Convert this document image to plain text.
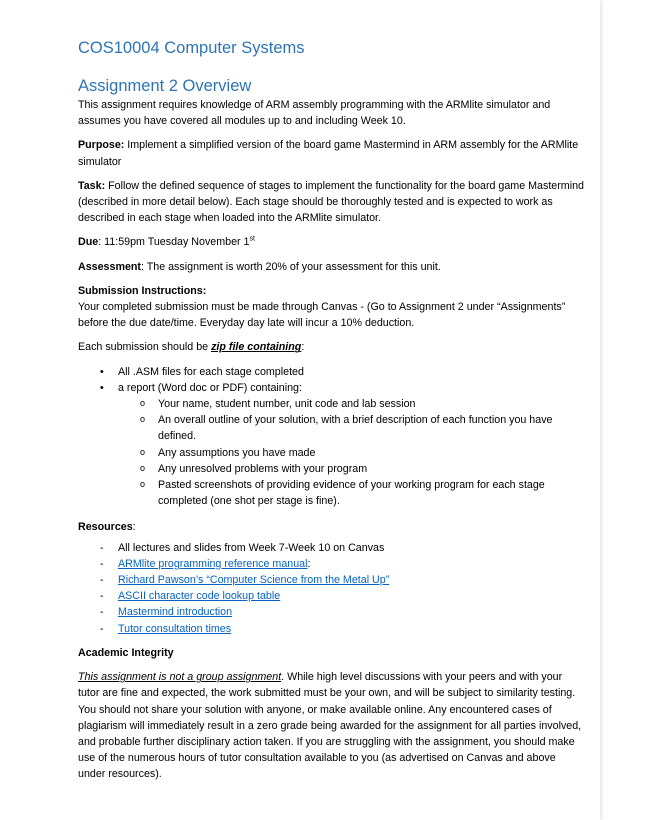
COS10004 Computer Systems
Assignment 2 Overview

This assignment requires knowledge of ARM assembly programming with the ARMlite simulator and assumes you have covered all modules up to and including Week 10.

Purpose: Implement a simplified version of the board game Mastermind in ARM assembly for the ARMlite simulator

Task: Follow the defined sequence of stages to implement the functionality for the board game Mastermind (described in more detail below). Each stage should be thoroughly tested and is expected to work as described in each stage when loaded into the ARMlite simulator.

Due: 11:59pm Tuesday November 1st

Assessment: The assignment is worth 20% of your assessment for this unit.

Submission Instructions:

Your completed submission must be made through Canvas - (Go to Assignment 2 under “Assignments” before the due date/time. Everyday day late will incur a 10% deduction.

Each submission should be zip file containing:

• All .ASM files for each stage completed
• a report (Word doc or PDF) containing:
o Your name, student number, unit code and lab session
o An overall outline of your solution, with a brief description of each function you have defined.
o Any assumptions you have made
o Any unresolved problems with your program
o Pasted screenshots of providing evidence of your working program for each stage completed (one shot per stage is fine).

Resources:

- All lectures and slides from Week 7-Week 10 on Canvas
- ARMlite programming reference manual:
- Richard Pawson’s “Computer Science from the Metal Up”
- ASCII character code lookup table
- Mastermind introduction
- Tutor consultation times

Academic Integrity

This assignment is not a group assignment. While high level discussions with your peers and with your tutor are fine and expected, the work submitted must be your own, and will be subject to similarity testing. You should not share your solution with anyone, or make available online. Any encountered cases of plagiarism will immediately result in a zero grade being awarded for the assignment for all parties involved, and probable further disciplinary action taken. If you are struggling with the assignment, you should make use of the numerous hours of tutor consultation available to you (as advertised on Canvas and above under resources).
